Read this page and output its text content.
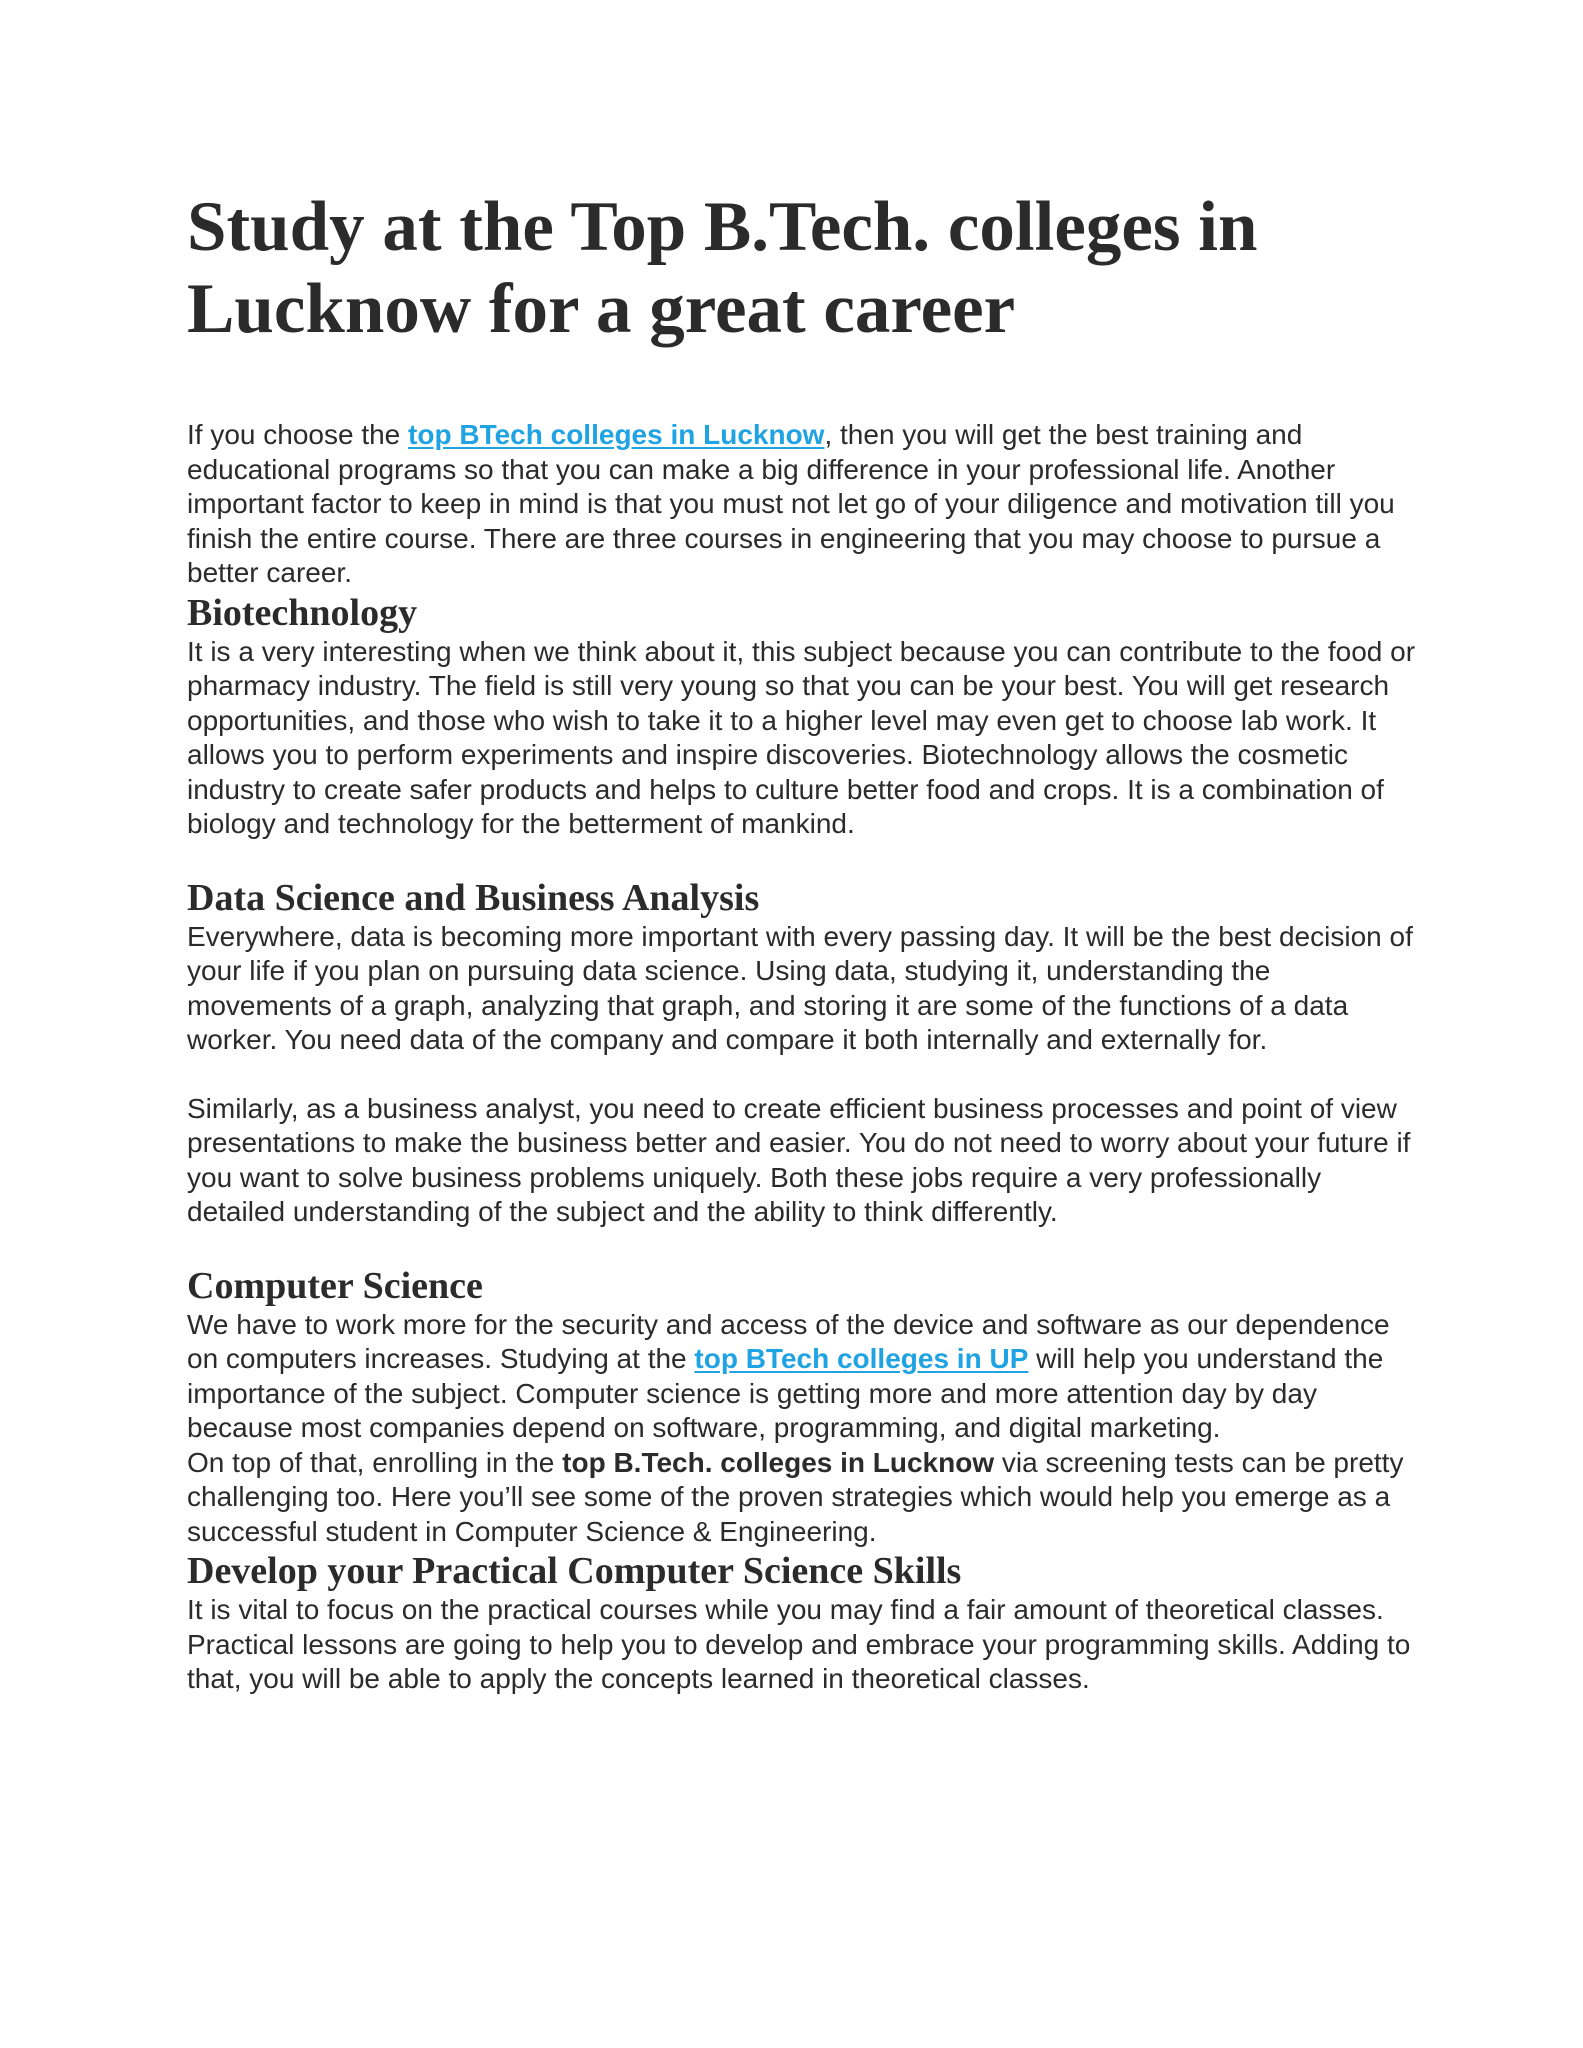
Study at the Top B.Tech. colleges in Lucknow for a great career

If you choose the top BTech colleges in Lucknow, then you will get the best training and educational programs so that you can make a big difference in your professional life. Another important factor to keep in mind is that you must not let go of your diligence and motivation till you finish the entire course. There are three courses in engineering that you may choose to pursue a better career.

Biotechnology

It is a very interesting when we think about it, this subject because you can contribute to the food or pharmacy industry. The field is still very young so that you can be your best. You will get research opportunities, and those who wish to take it to a higher level may even get to choose lab work. It allows you to perform experiments and inspire discoveries. Biotechnology allows the cosmetic industry to create safer products and helps to culture better food and crops. It is a combination of biology and technology for the betterment of mankind.

Data Science and Business Analysis

Everywhere, data is becoming more important with every passing day. It will be the best decision of your life if you plan on pursuing data science. Using data, studying it, understanding the movements of a graph, analyzing that graph, and storing it are some of the functions of a data worker. You need data of the company and compare it both internally and externally for.

Similarly, as a business analyst, you need to create efficient business processes and point of view presentations to make the business better and easier. You do not need to worry about your future if you want to solve business problems uniquely. Both these jobs require a very professionally detailed understanding of the subject and the ability to think differently.

Computer Science

We have to work more for the security and access of the device and software as our dependence on computers increases. Studying at the top BTech colleges in UP will help you understand the importance of the subject. Computer science is getting more and more attention day by day because most companies depend on software, programming, and digital marketing.

On top of that, enrolling in the top B.Tech. colleges in Lucknow via screening tests can be pretty challenging too. Here you’ll see some of the proven strategies which would help you emerge as a successful student in Computer Science & Engineering.

Develop your Practical Computer Science Skills

It is vital to focus on the practical courses while you may find a fair amount of theoretical classes. Practical lessons are going to help you to develop and embrace your programming skills. Adding to that, you will be able to apply the concepts learned in theoretical classes.
